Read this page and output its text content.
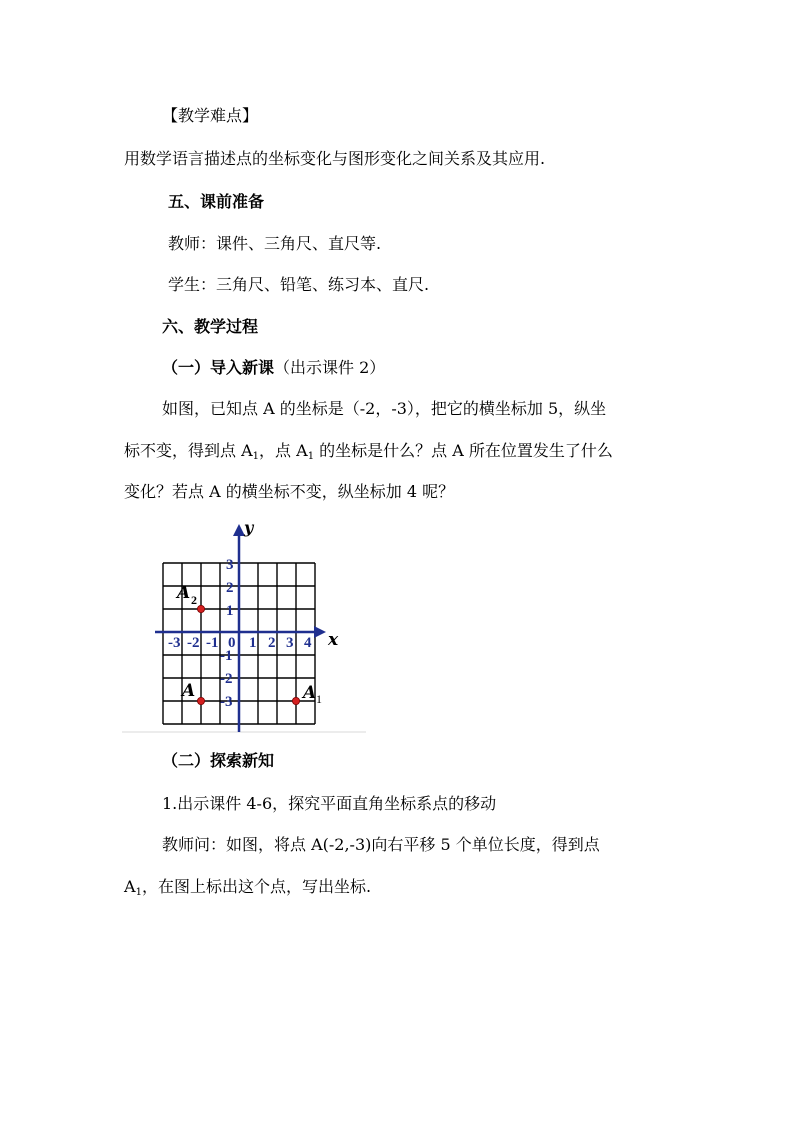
【教学难点】
用数学语言描述点的坐标变化与图形变化之间关系及其应用.
五、课前准备
教师：课件、三角尺、直尺等.
学生：三角尺、铅笔、练习本、直尺.
六、教学过程
（一）导入新课（出示课件 2）
如图，已知点 A 的坐标是（-2，-3），把它的横坐标加 5，纵坐
标不变，得到点 $A_1$，点 $A_1$ 的坐标是什么？点 A 所在位置发生了什么
变化？若点 A 的横坐标不变，纵坐标加 4 呢？
x
y
-3 -2 -1 0 1 2 3 4
3
2
1
-1
-2
-3
A	A 1
A 2
（二）探索新知
1.出示课件 4-6，探究平面直角坐标系点的移动
教师问：如图，将点 A(-2,-3)向右平移 5 个单位长度，得到点
$A_1$，在图上标出这个点，写出坐标.
